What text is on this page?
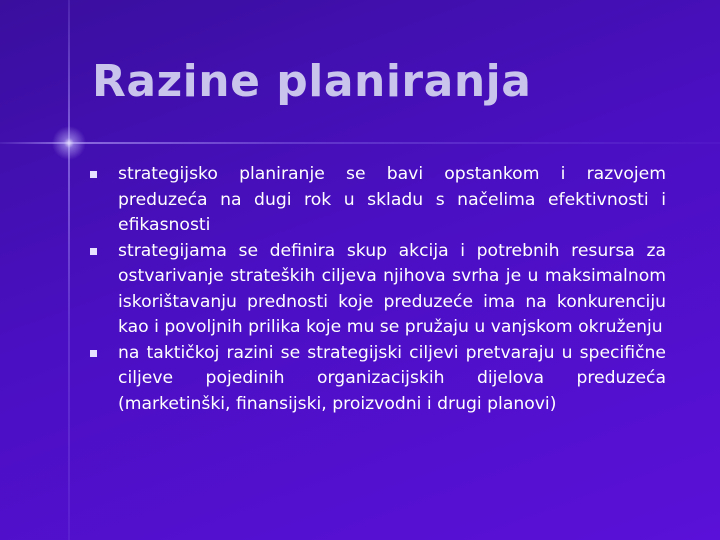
Razine planiranja
strategijsko planiranje se bavi opstankom i razvojem preduzeća na dugi rok u skladu s načelima efektivnosti i efikasnosti
strategijama se definira skup akcija i potrebnih resursa za ostvarivanje strateških ciljeva njihova svrha je u maksimalnom iskorištavanju prednosti koje preduzeće ima na konkurenciju kao i povoljnih prilika koje mu se pružaju u vanjskom okruženju
na taktičkoj razini se strategijski ciljevi pretvaraju u specifične ciljeve pojedinih organizacijskih dijelova preduzeća (marketinški, finansijski, proizvodni i drugi planovi)
